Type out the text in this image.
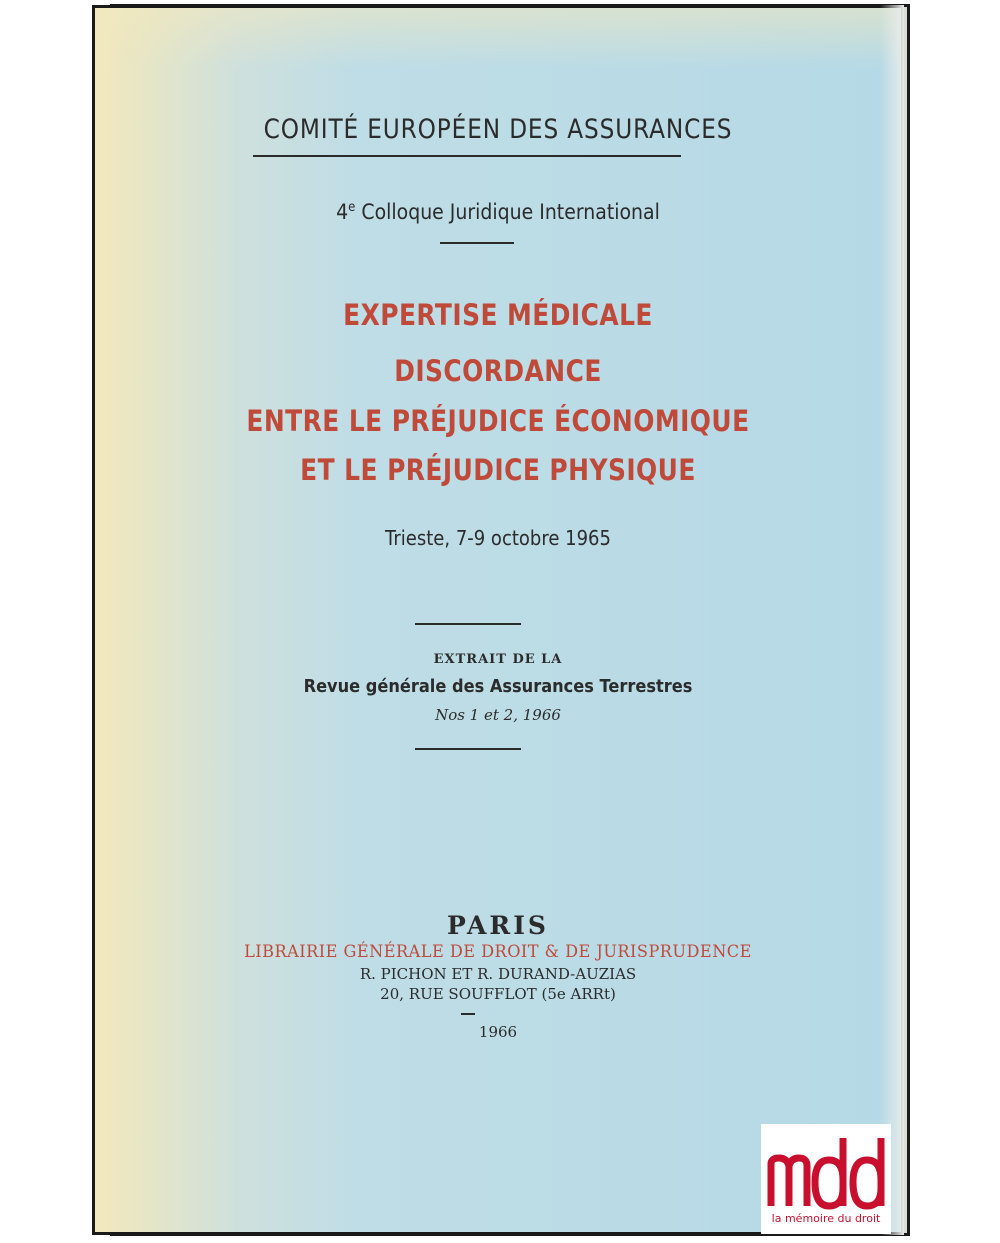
COMITÉ EUROPÉEN DES ASSURANCES
4e Colloque Juridique International
EXPERTISE MÉDICALE
DISCORDANCE
ENTRE LE PRÉJUDICE ÉCONOMIQUE
ET LE PRÉJUDICE PHYSIQUE
Trieste, 7-9 octobre 1965
EXTRAIT DE LA
Revue générale des Assurances Terrestres
Nos 1 et 2, 1966
PARIS
LIBRAIRIE GÉNÉRALE DE DROIT & DE JURISPRUDENCE
R. PICHON ET R. DURAND-AUZIAS
20, RUE SOUFFLOT (5e ARRt)
1966
la mémoire du droit
